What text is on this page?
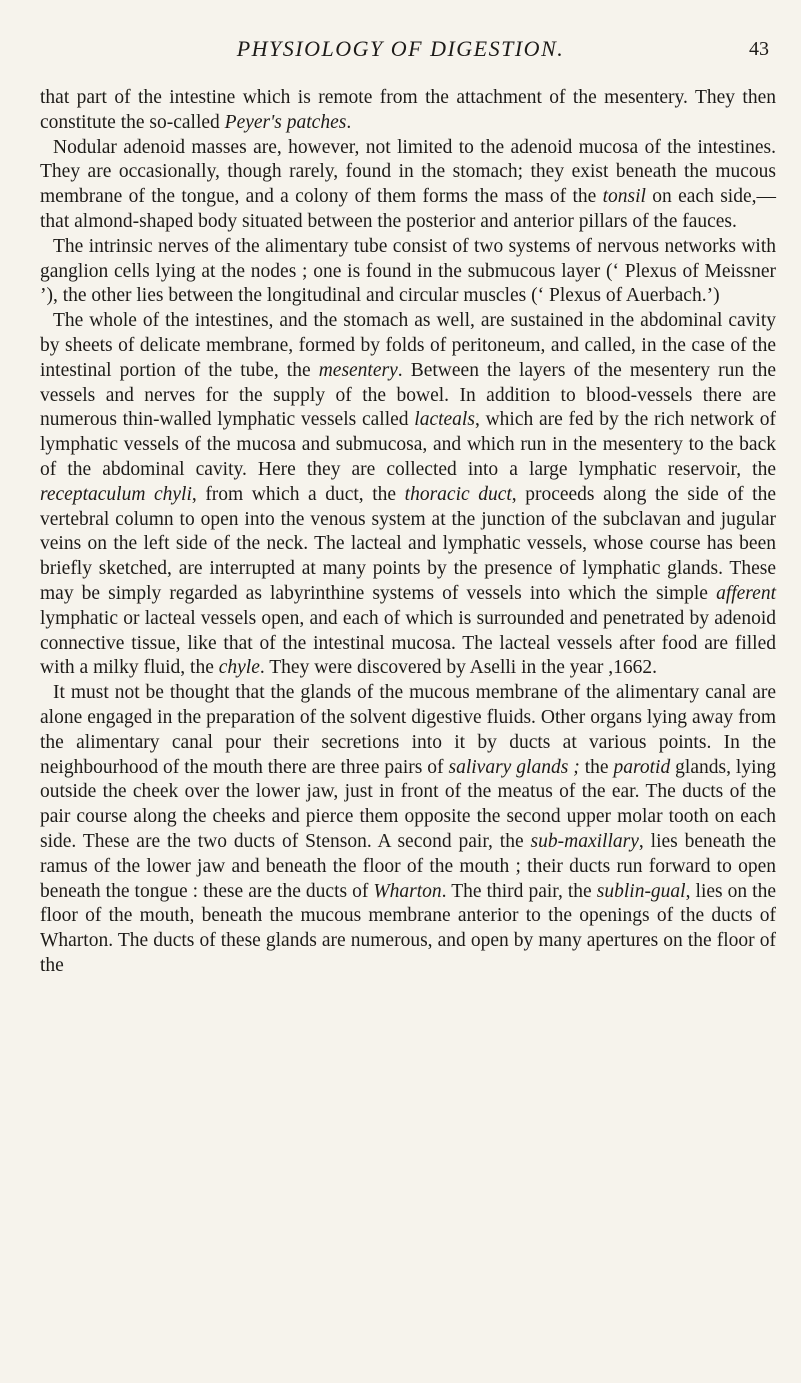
PHYSIOLOGY OF DIGESTION.	43

that part of the intestine which is remote from the attachment of the mesentery. They then constitute the so-called Peyer's patches.

Nodular adenoid masses are, however, not limited to the adenoid mucosa of the intestines. They are occasionally, though rarely, found in the stomach; they exist beneath the mucous membrane of the tongue, and a colony of them forms the mass of the tonsil on each side,—that almond-shaped body situated between the posterior and anterior pillars of the fauces.

The intrinsic nerves of the alimentary tube consist of two systems of nervous networks with ganglion cells lying at the nodes ; one is found in the submucous layer (‘ Plexus of Meissner ’), the other lies between the longitudinal and circular muscles (‘ Plexus of Auerbach.’)

The whole of the intestines, and the stomach as well, are sustained in the abdominal cavity by sheets of delicate membrane, formed by folds of peritoneum, and called, in the case of the intestinal portion of the tube, the mesentery. Between the layers of the mesentery run the vessels and nerves for the supply of the bowel. In addition to blood-vessels there are numerous thin-walled lymphatic vessels called lacteals, which are fed by the rich network of lymphatic vessels of the mucosa and submucosa, and which run in the mesentery to the back of the abdominal cavity. Here they are collected into a large lymphatic reservoir, the receptaculum chyli, from which a duct, the thoracic duct, proceeds along the side of the vertebral column to open into the venous system at the junction of the subclavan and jugular veins on the left side of the neck. The lacteal and lymphatic vessels, whose course has been briefly sketched, are interrupted at many points by the presence of lymphatic glands. These may be simply regarded as labyrinthine systems of vessels into which the simple afferent lymphatic or lacteal vessels open, and each of which is surrounded and penetrated by adenoid connective tissue, like that of the intestinal mucosa. The lacteal vessels after food are filled with a milky fluid, the chyle. They were discovered by Aselli in the year ,1662.

It must not be thought that the glands of the mucous membrane of the alimentary canal are alone engaged in the preparation of the solvent digestive fluids. Other organs lying away from the alimentary canal pour their secretions into it by ducts at various points. In the neighbourhood of the mouth there are three pairs of salivary glands ; the parotid glands, lying outside the cheek over the lower jaw, just in front of the meatus of the ear. The ducts of the pair course along the cheeks and pierce them opposite the second upper molar tooth on each side. These are the two ducts of Stenson. A second pair, the sub-maxillary, lies beneath the ramus of the lower jaw and beneath the floor of the mouth ; their ducts run forward to open beneath the tongue : these are the ducts of Wharton. The third pair, the sublin-gual, lies on the floor of the mouth, beneath the mucous membrane anterior to the openings of the ducts of Wharton. The ducts of these glands are numerous, and open by many apertures on the floor of the
